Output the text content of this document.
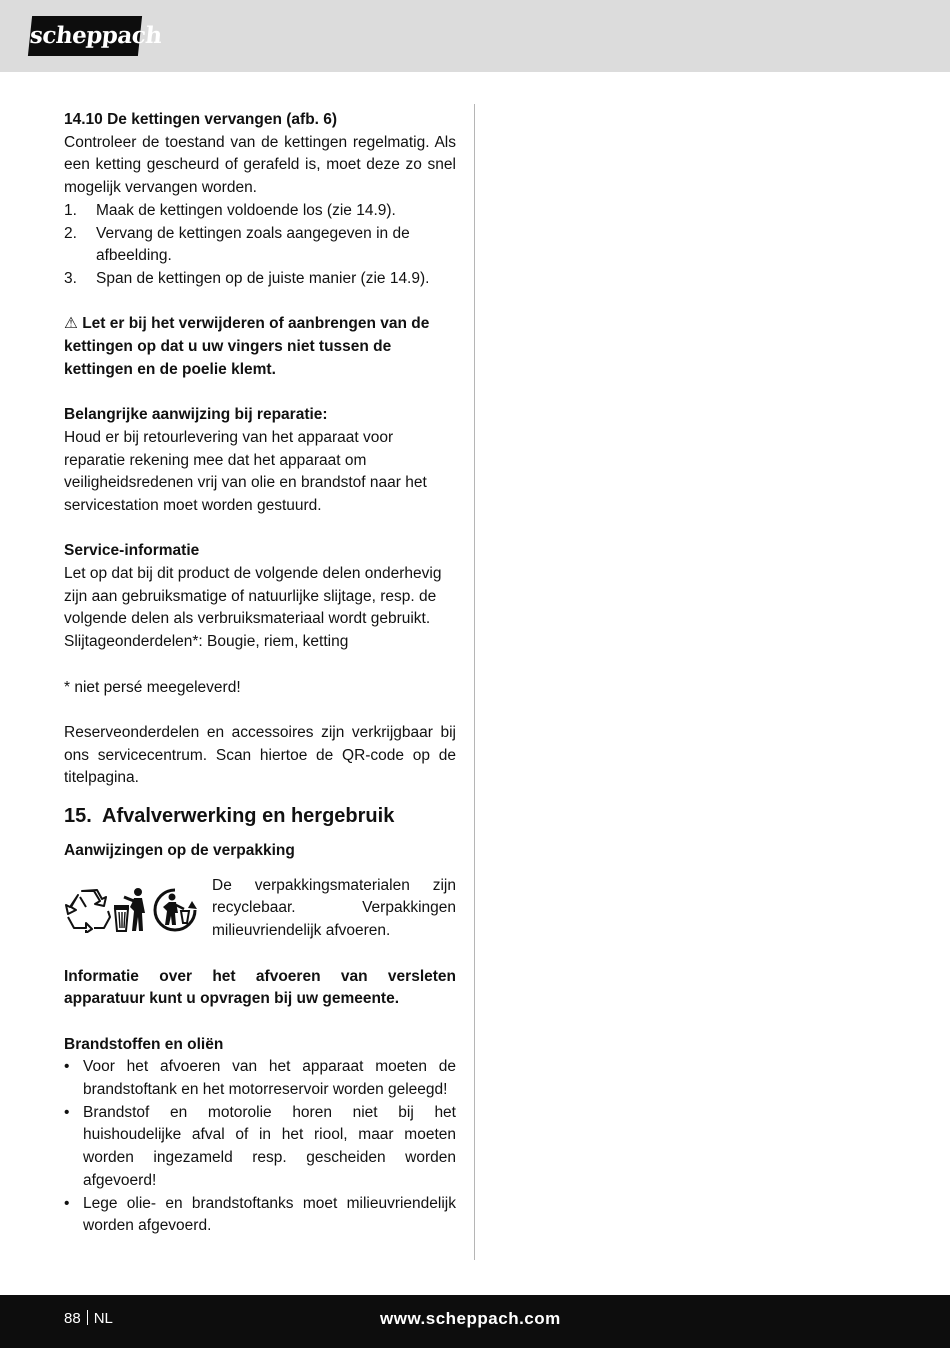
scheppach

14.10 De kettingen vervangen (afb. 6)

Controleer de toestand van de kettingen regelmatig. Als een ketting gescheurd of gerafeld is, moet deze zo snel mogelijk vervangen worden.

1.	Maak de kettingen voldoende los (zie 14.9).
2.	Vervang de kettingen zoals aangegeven in de afbeelding.
3.	Span de kettingen op de juiste manier (zie 14.9).

⚠ Let er bij het verwijderen of aanbrengen van de kettingen op dat u uw vingers niet tussen de kettingen en de poelie klemt.

Belangrijke aanwijzing bij reparatie:

Houd er bij retourlevering van het apparaat voor reparatie rekening mee dat het apparaat om veiligheidsredenen vrij van olie en brandstof naar het servicestation moet worden gestuurd.

Service-informatie

Let op dat bij dit product de volgende delen onderhevig zijn aan gebruiksmatige of natuurlijke slijtage, resp. de volgende delen als verbruiksmateriaal wordt gebruikt.

Slijtageonderdelen*: Bougie, riem, ketting

* niet persé meegeleverd!

Reserveonderdelen en accessoires zijn verkrijgbaar bij ons servicecentrum. Scan hiertoe de QR-code op de titelpagina.

15. Afvalverwerking en hergebruik

Aanwijzingen op de verpakking

De verpakkingsmaterialen zijn recyclebaar. Verpakkingen milieuvriendelijk afvoeren.

Informatie over het afvoeren van versleten apparatuur kunt u opvragen bij uw gemeente.

Brandstoffen en oliën

• Voor het afvoeren van het apparaat moeten de brandstoftank en het motorreservoir worden geleegd!
• Brandstof en motorolie horen niet bij het huishoudelijke afval of in het riool, maar moeten worden ingezameld resp. gescheiden worden afgevoerd!
• Lege olie- en brandstoftanks moet milieuvriendelijk worden afgevoerd.
88 NL	www.scheppach.com
